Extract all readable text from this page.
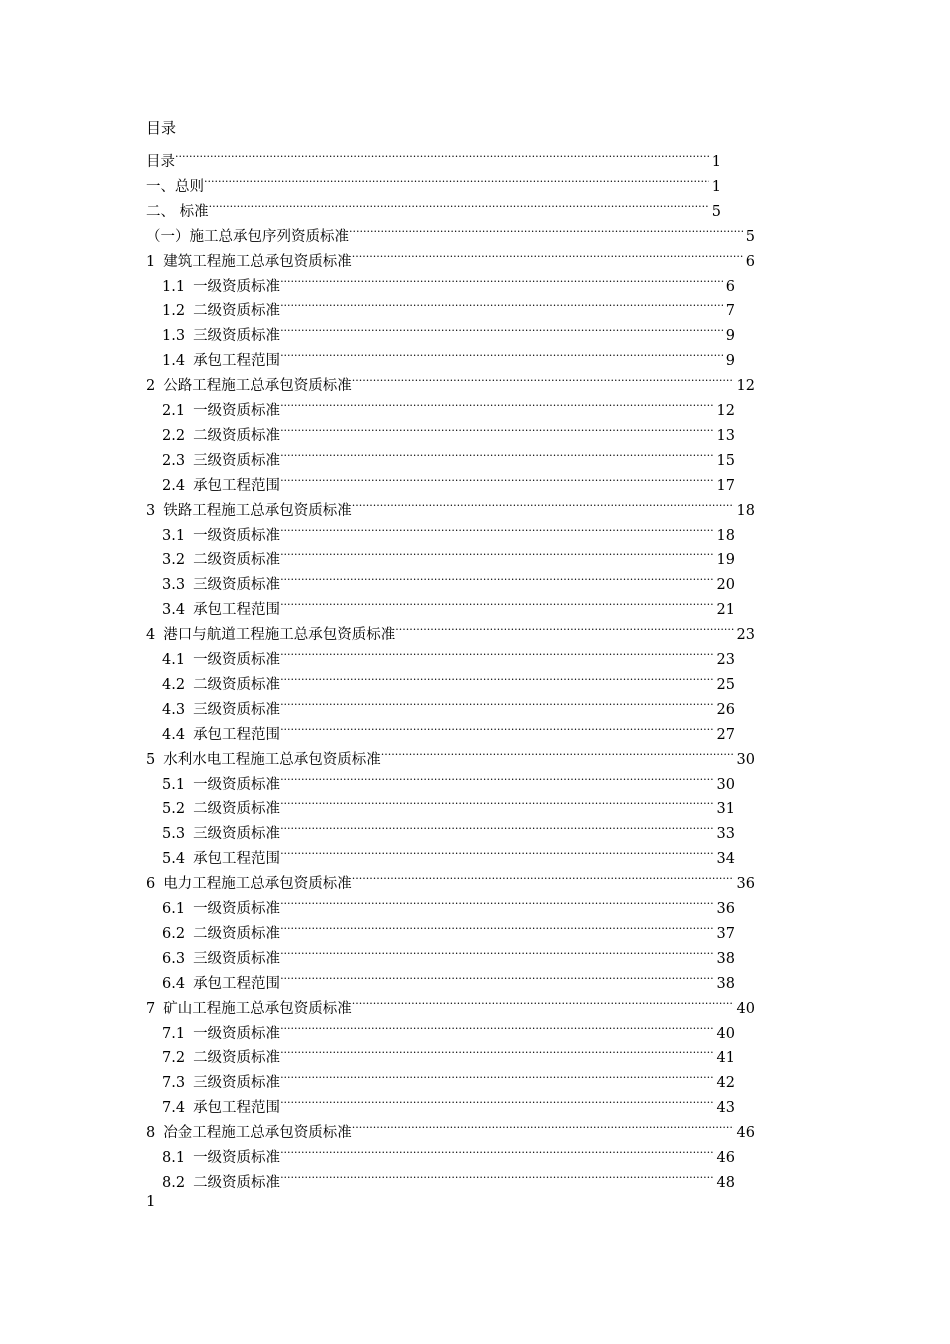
目录
目录 .....	1
一、总则 .....	1
二、 标准 .....	5
（一）施工总承包序列资质标准 .....	5
1 建筑工程施工总承包资质标准 .....	6
1.1 一级资质标准 .....	6
1.2 二级资质标准 .....	7
1.3 三级资质标准 .....	9
1.4 承包工程范围 .....	9
2 公路工程施工总承包资质标准 .....	12
2.1 一级资质标准 .....	12
2.2 二级资质标准 .....	13
2.3 三级资质标准 .....	15
2.4 承包工程范围 .....	17
3 铁路工程施工总承包资质标准 .....	18
3.1 一级资质标准 .....	18
3.2 二级资质标准 .....	19
3.3 三级资质标准 .....	20
3.4 承包工程范围 .....	21
4 港口与航道工程施工总承包资质标准 .....	23
4.1 一级资质标准 .....	23
4.2 二级资质标准 .....	25
4.3 三级资质标准 .....	26
4.4 承包工程范围 .....	27
5 水利水电工程施工总承包资质标准 .....	30
5.1 一级资质标准 .....	30
5.2 二级资质标准 .....	31
5.3 三级资质标准 .....	33
5.4 承包工程范围 .....	34
6 电力工程施工总承包资质标准 .....	36
6.1 一级资质标准 .....	36
6.2 二级资质标准 .....	37
6.3 三级资质标准 .....	38
6.4 承包工程范围 .....	38
7 矿山工程施工总承包资质标准 .....	40
7.1 一级资质标准 .....	40
7.2 二级资质标准 .....	41
7.3 三级资质标准 .....	42
7.4 承包工程范围 .....	43
8 冶金工程施工总承包资质标准 .....	46
8.1 一级资质标准 .....	46
8.2 二级资质标准 .....	48
1
